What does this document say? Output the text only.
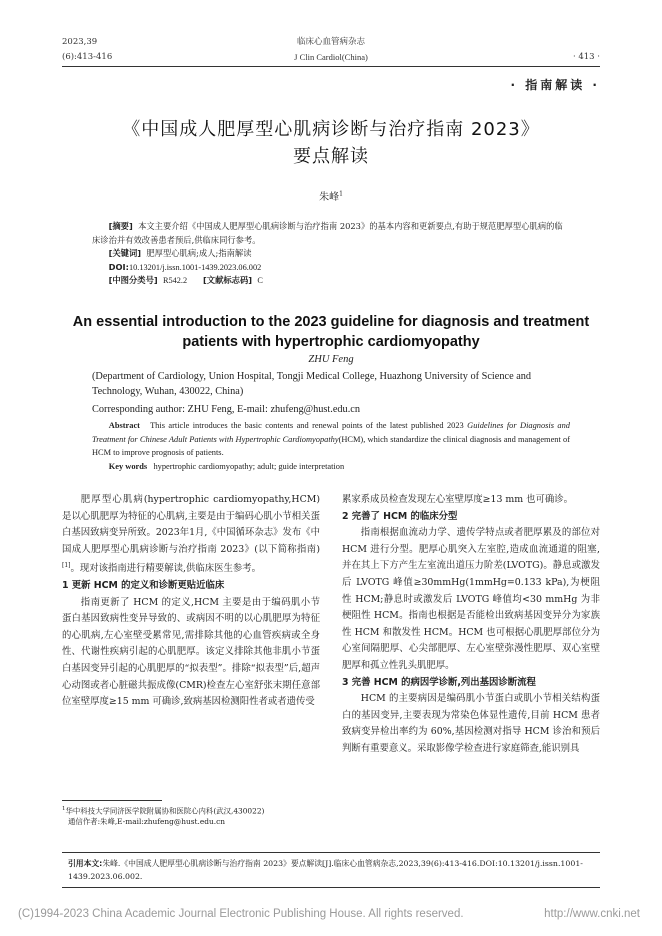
2023,39
(6):413-416
临床心血管病杂志
J Clin Cardiol(China)	· 413 ·
· 指南解读 ·
《中国成人肥厚型心肌病诊断与治疗指南 2023》
要点解读
朱峰$^1$
[摘要] 本文主要介绍《中国成人肥厚型心肌病诊断与治疗指南 2023》的基本内容和更新要点,有助于规范肥厚型心肌病的临床诊治并有效改善患者预后,供临床同行参考。
[关键词] 肥厚型心肌病;成人;指南解读
DOI:10.13201/j.issn.1001-1439.2023.06.002
[中图分类号] R542.2 [文献标志码] C
An essential introduction to the 2023 guideline for diagnosis and treatment patients with hypertrophic cardiomyopathy
ZHU Feng
(Department of Cardiology, Union Hospital, Tongji Medical College, Huazhong University of Science and Technology, Wuhan, 430022, China)
Corresponding author: ZHU Feng, E-mail: zhufeng@hust.edu.cn
Abstract This article introduces the basic contents and renewal points of the latest published 2023 Guidelines for Diagnosis and Treatment for Chinese Adult Patients with Hypertrophic Cardiomyopathy(HCM), which standardize the clinical diagnosis and management of HCM to improve prognosis of patients.
Key words hypertrophic cardiomyopathy; adult; guide interpretation

肥厚型心肌病(hypertrophic cardiomyopathy,HCM)是以心肌肥厚为特征的心肌病,主要是由于编码心肌小节相关蛋白基因致病变异所致。2023年1月,《中国循环杂志》发布《中国成人肥厚型心肌病诊断与治疗指南 2023》(以下简称指南)[1]。现对该指南进行精要解读,供临床医生参考。

1 更新 HCM 的定义和诊断更贴近临床

指南更新了 HCM 的定义,HCM 主要是由于编码肌小节蛋白基因致病性变异导致的、或病因不明的以心肌肥厚为特征的心肌病,左心室壁受累常见,需排除其他的心血管疾病或全身性、代谢性疾病引起的心肌肥厚。该定义排除其他非肌小节蛋白基因变异引起的心肌肥厚的“拟表型”。排除“拟表型”后,超声心动图或者心脏磁共振成像(CMR)检查左心室舒张末期任意部位室壁厚度≥15 mm 可确诊,致病基因检测阳性者或者遗传受

$^1$华中科技大学同济医学院附属协和医院心内科(武汉,430022)
通信作者:朱峰,E-mail:zhufeng@hust.edu.cn
累家系成员检查发现左心室壁厚度≥13 mm 也可确诊。
2 完善了 HCM 的临床分型

指南根据血流动力学、遗传学特点或者肥厚累及的部位对 HCM 进行分型。肥厚心肌突入左室腔,造成血流通道的阻塞,并在其上下方产生左室流出道压力阶差(LVOTG)。静息或激发后 LVOTG 峰值≥30mmHg(1mmHg=0.133 kPa),为梗阻性 HCM;静息时或激发后 LVOTG 峰值均<30 mmHg 为非梗阻性 HCM。指南也根据是否能检出致病基因变异分为家族性 HCM 和散发性 HCM。HCM 也可根据心肌肥厚部位分为心室间隔肥厚、心尖部肥厚、左心室壁弥漫性肥厚、双心室壁肥厚和孤立性乳头肌肥厚。

3 完善 HCM 的病因学诊断,列出基因诊断流程

HCM 的主要病因是编码肌小节蛋白或肌小节相关结构蛋白的基因变异,主要表现为常染色体显性遗传,目前 HCM 患者致病变异检出率约为 60%,基因检测对指导 HCM 诊治和预后判断有重要意义。采取影像学检查进行家庭筛查,能识别具

引用本文:朱峰.《中国成人肥厚型心肌病诊断与治疗指南 2023》要点解读[J].临床心血管病杂志,2023,39(6):413-416.DOI:10.13201/j.issn.1001-1439.2023.06.002.
(C)1994-2023 China Academic Journal Electronic Publishing House. All rights reserved.	http://www.cnki.net
